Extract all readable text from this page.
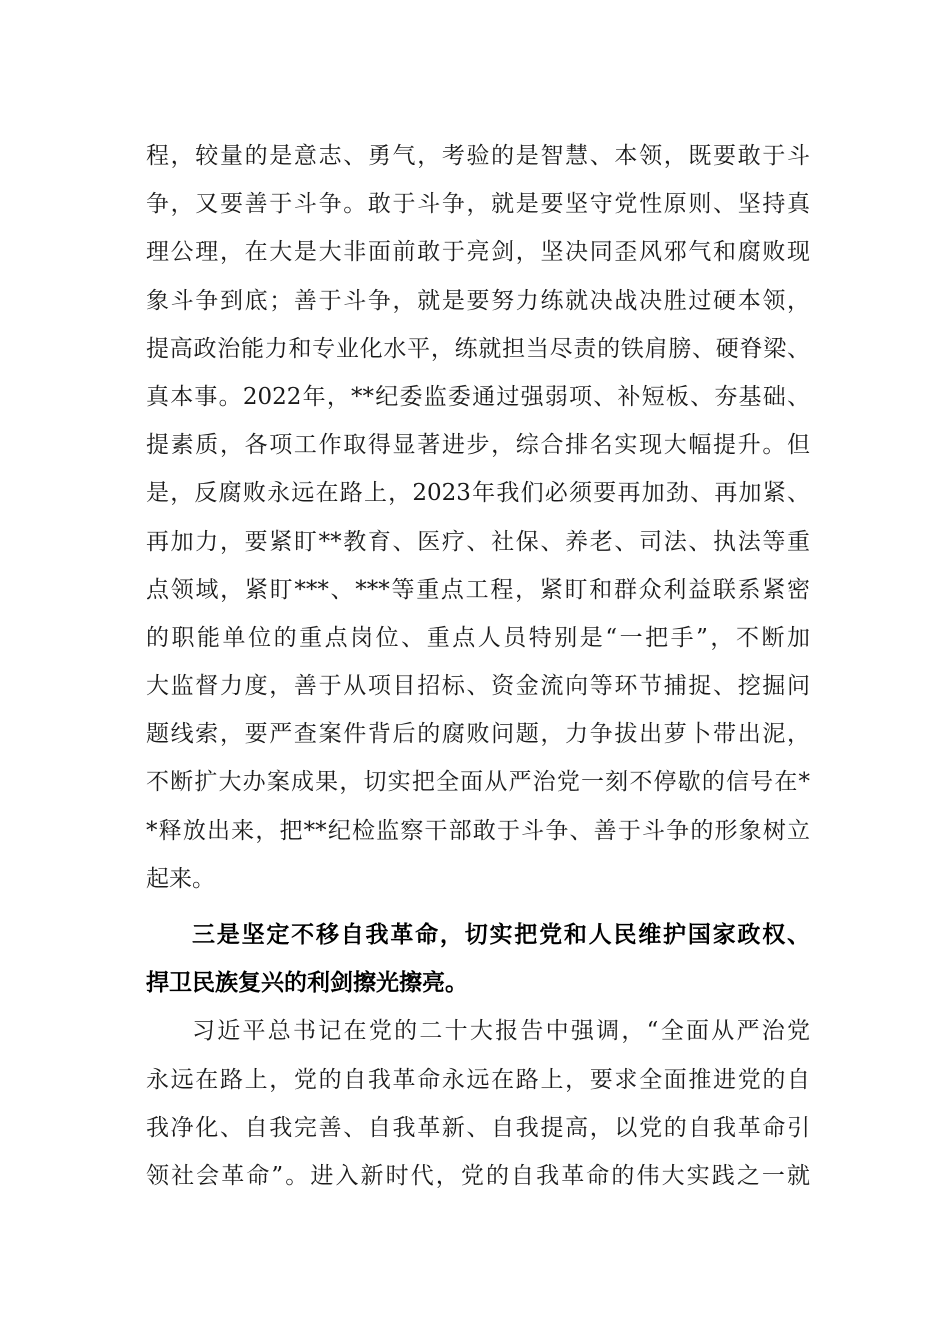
程，较量的是意志、勇气，考验的是智慧、本领，既要敢于斗
争，又要善于斗争。敢于斗争，就是要坚守党性原则、坚持真
理公理，在大是大非面前敢于亮剑，坚决同歪风邪气和腐败现
象斗争到底；善于斗争，就是要努力练就决战决胜过硬本领，
提高政治能力和专业化水平，练就担当尽责的铁肩膀、硬脊梁、
真本事。2022年，**纪委监委通过强弱项、补短板、夯基础、
提素质，各项工作取得显著进步，综合排名实现大幅提升。但
是，反腐败永远在路上，2023年我们必须要再加劲、再加紧、
再加力，要紧盯**教育、医疗、社保、养老、司法、执法等重
点领域，紧盯***、***等重点工程，紧盯和群众利益联系紧密
的职能单位的重点岗位、重点人员特别是“一把手”，不断加
大监督力度，善于从项目招标、资金流向等环节捕捉、挖掘问
题线索，要严查案件背后的腐败问题，力争拔出萝卜带出泥，
不断扩大办案成果，切实把全面从严治党一刻不停歇的信号在*
*释放出来，把**纪检监察干部敢于斗争、善于斗争的形象树立
起来。
三是坚定不移自我革命，切实把党和人民维护国家政权、
捍卫民族复兴的利剑擦光擦亮。
习近平总书记在党的二十大报告中强调，“全面从严治党
永远在路上，党的自我革命永远在路上，要求全面推进党的自
我净化、自我完善、自我革新、自我提高，以党的自我革命引
领社会革命”。进入新时代，党的自我革命的伟大实践之一就
